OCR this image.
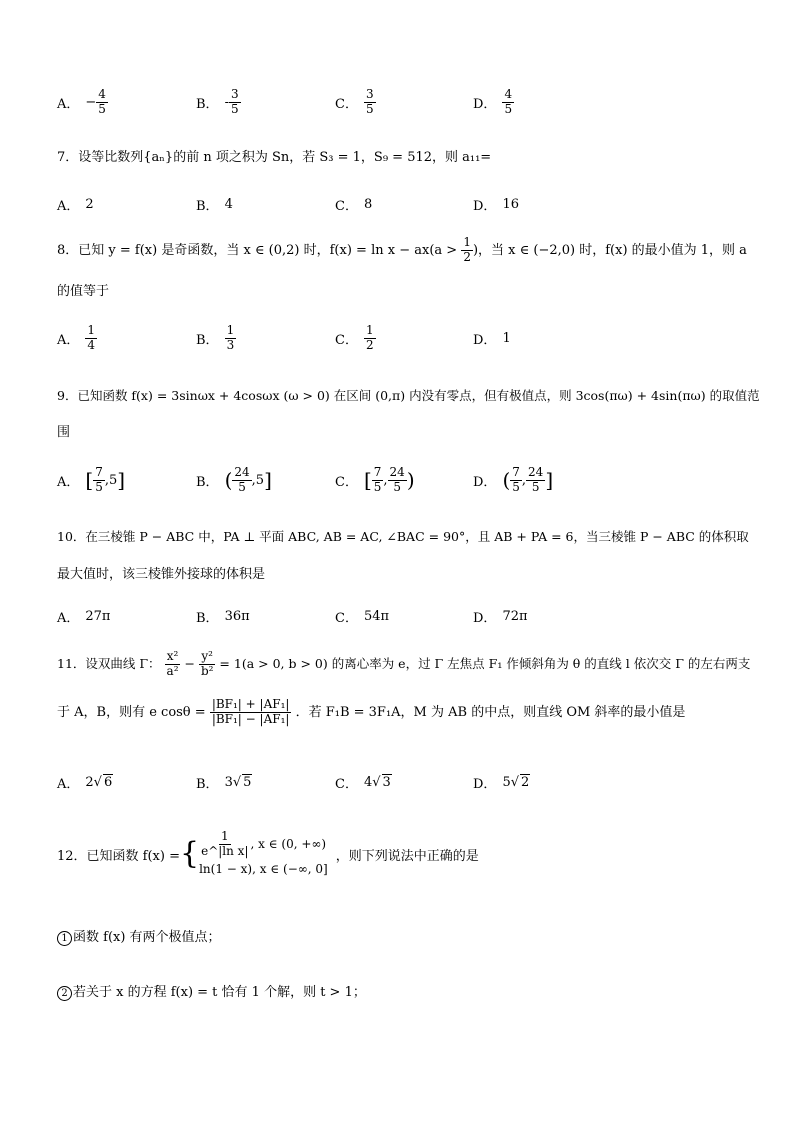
A． − $\frac{4}{5}$	B． - $\frac{3}{5}$	C． $\frac{3}{5}$	D． $\frac{4}{5}$
7．设等比数列{aₙ}的前 n 项之积为 Sn，若 S₃ = 1，S₉ = 512，则 a₁₁=
A． 2	B． 4	C． 8	D． 16
8．已知 y = f(x) 是奇函数，当 x ∈ (0,2) 时，$f(x) = \ln x - ax(a > \frac{1}{2}$ )，当 x ∈ (−2,0) 时，f(x) 的最小值为 1，则 a
的值等于
A． $\frac{1}{4}$	B． $\frac{1}{3}$	C． $\frac{1}{2}$	D． 1
9．已知函数 f(x) = 3sinωx + 4cosωx (ω > 0) 在区间 (0,π) 内没有零点，但有极值点，则 3cos(πω) + 4sin(πω) 的取值范
围
A． [ $\frac{7}{5}$ , 5 ]	B． ( $\frac{24}{5}$ , 5 ]	C． [ $\frac{7}{5}$ , $\frac{24}{5}$ )	D． ( $\frac{7}{5}$ , $\frac{24}{5}$ ]
10．在三棱锥 P − ABC 中，PA ⊥ 平面 ABC, AB = AC, ∠BAC = 90°，且 AB + PA = 6，当三棱锥 P − ABC 的体积取
最大值时，该三棱锥外接球的体积是
A． 27π	B． 36π	C． 54π	D． 72π
11．设双曲线 Γ： $\frac{\text{x²}}{\text{a²}} - \frac{\text{y²}}{\text{b²}} = 1(a > 0$, b > 0) 的离心率为 e，过 Γ 左焦点 F₁ 作倾斜角为 θ 的直线 l 依次交 Γ 的左右两支
于 A，B，则有 e $\cos\theta = \frac{\text{|BF₁| + |AF₁|}}{\text{|BF₁| − |AF₁|}}$ ．若 F₁B = 3F₁A，M 为 AB 的中点，则直线 OM 斜率的最小值是
A． 2 √ 6	B． 3 √ 5	C． 4 √ 3	D． 5 √ 2
12．已知函数 f(x) = { $\frac{1}{\text{e\textasciicircum{}|ln x|}}$ , x ∈ (0, +∞)
ln(1 − x), x ∈ (−∞, 0]
，则下列说法中正确的是
1 函数 f(x) 有两个极值点；
2 若关于 x 的方程 f(x) = t 恰有 1 个解，则 t > 1；
